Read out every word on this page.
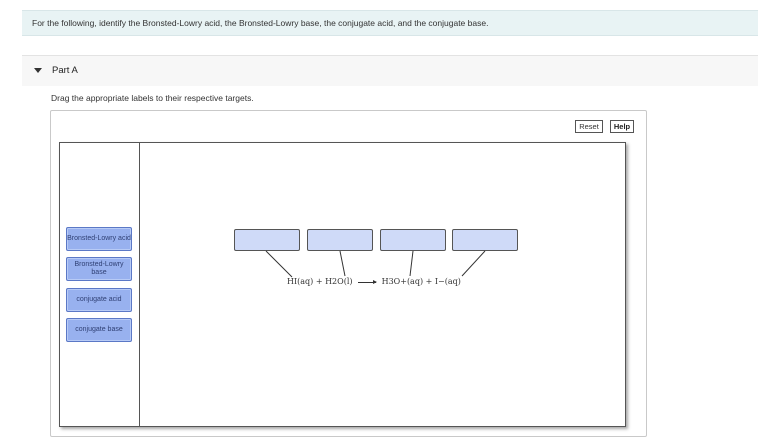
For the following, identify the Bronsted-Lowry acid, the Bronsted-Lowry base, the conjugate acid, and the conjugate base.
Part A
Drag the appropriate labels to their respective targets.
Reset	Help
Bronsted-Lowry acid
Bronsted-Lowry base
conjugate acid
conjugate base
HI(aq) + H2O(l) → H3O+(aq) + I−(aq)
